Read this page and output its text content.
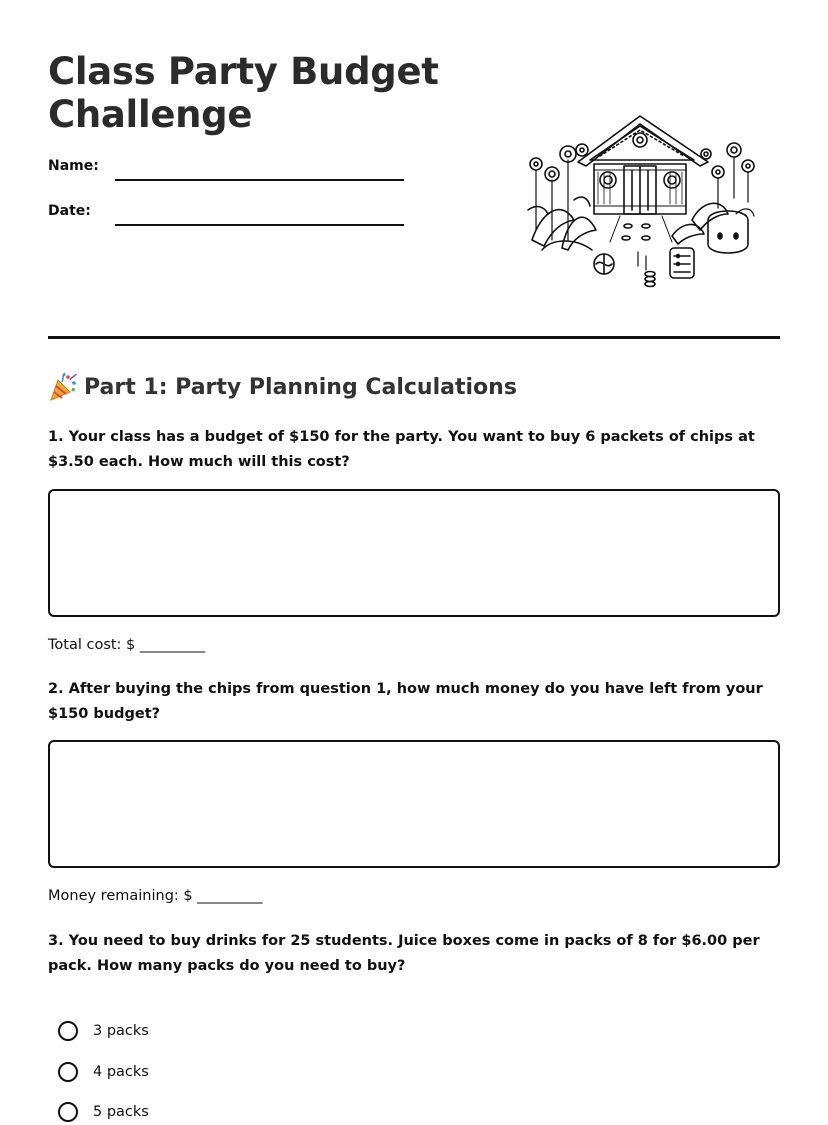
Class Party Budget
Challenge
Name:
Date:
Part 1: Party Planning Calculations
1. Your class has a budget of $150 for the party. You want to buy 6 packets of chips at $3.50 each. How much will this cost?
Total cost: $ _________
2. After buying the chips from question 1, how much money do you have left from your $150 budget?
Money remaining: $ _________
3. You need to buy drinks for 25 students. Juice boxes come in packs of 8 for $6.00 per pack. How many packs do you need to buy?
3 packs
4 packs
5 packs
